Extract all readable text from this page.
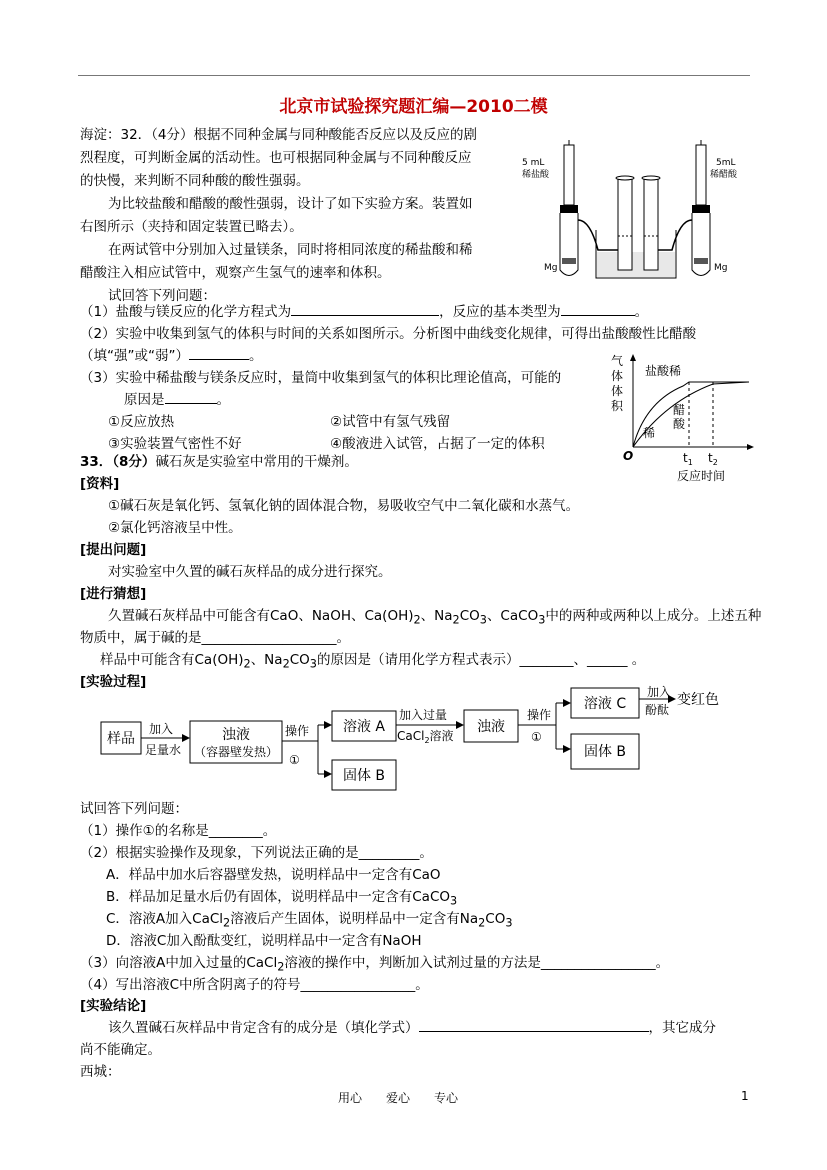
北京市试验探究题汇编—2010二模
海淀：32．（4分）根据不同种金属与同种酸能否反应以及反应的剧
烈程度，可判断金属的活动性。也可根据同种金属与不同种酸反应
的快慢，来判断不同种酸的酸性强弱。
为比较盐酸和醋酸的酸性强弱，设计了如下实验方案。装置如
右图所示（夹持和固定装置已略去）。
在两试管中分别加入过量镁条，同时将相同浓度的稀盐酸和稀
醋酸注入相应试管中，观察产生氢气的速率和体积。
试回答下列问题：
（1）盐酸与镁反应的化学方程式为	，反应的基本类型为	。
（2）实验中收集到氢气的体积与时间的关系如图所示。分析图中曲线变化规律，可得出盐酸酸性比醋酸
（填“强”或“弱”）	。
（3）实验中稀盐酸与镁条反应时，量筒中收集到氢气的体积比理论值高，可能的
原因是	。
①反应放热	②试管中有氢气残留
③实验装置气密性不好	④酸液进入试管，占据了一定的体积
5 mL
稀盐酸
5mL
稀醋酸
Mg	Mg
气
体
体
积
盐酸稀
醋
酸
稀
O	$t_1$ $t_2$
反应时间
33．（8分）碱石灰是实验室中常用的干燥剂。
[资料]
①碱石灰是氧化钙、氢氧化钠的固体混合物，易吸收空气中二氧化碳和水蒸气。
②氯化钙溶液呈中性。
[提出问题]
对实验室中久置的碱石灰样品的成分进行探究。
[进行猜想]
久置碱石灰样品中可能含有CaO、NaOH、$Ca(OH)_2$、$Na_2CO_3$、CaCO$_3$中的两种或两种以上成分。上述五种
物质中，属于碱的是____________________。
样品中可能含有$Ca(OH)_2$、$Na_2CO_3$的原因是（请用化学方程式表示）________、______ 。
[实验过程]
样品
加入
足量水
浊液
（容器壁发热）
操作
①
溶液 A
固体 B
加入过量
CaCl$_2$溶液
浊液
操作
①
溶液 C
固体 B
加入
酚酞
变红色
试回答下列问题：
（1）操作①的名称是________。
（2）根据实验操作及现象，下列说法正确的是_________。
A．样品中加水后容器壁发热，说明样品中一定含有CaO
B．样品加足量水后仍有固体，说明样品中一定含有CaCO$_3$
C．溶液A加入CaCl$_2$溶液后产生固体，说明样品中一定含有$Na_2CO_3$
D．溶液C加入酚酞变红，说明样品中一定含有NaOH
（3）向溶液A中加入过量的CaCl$_2$溶液的操作中，判断加入试剂过量的方法是_________________。
（4）写出溶液C中所含阴离子的符号_________________。
[实验结论]
该久置碱石灰样品中肯定含有的成分是（填化学式）	，其它成分
尚不能确定。
西城：
用心　　爱心　　专心	1
